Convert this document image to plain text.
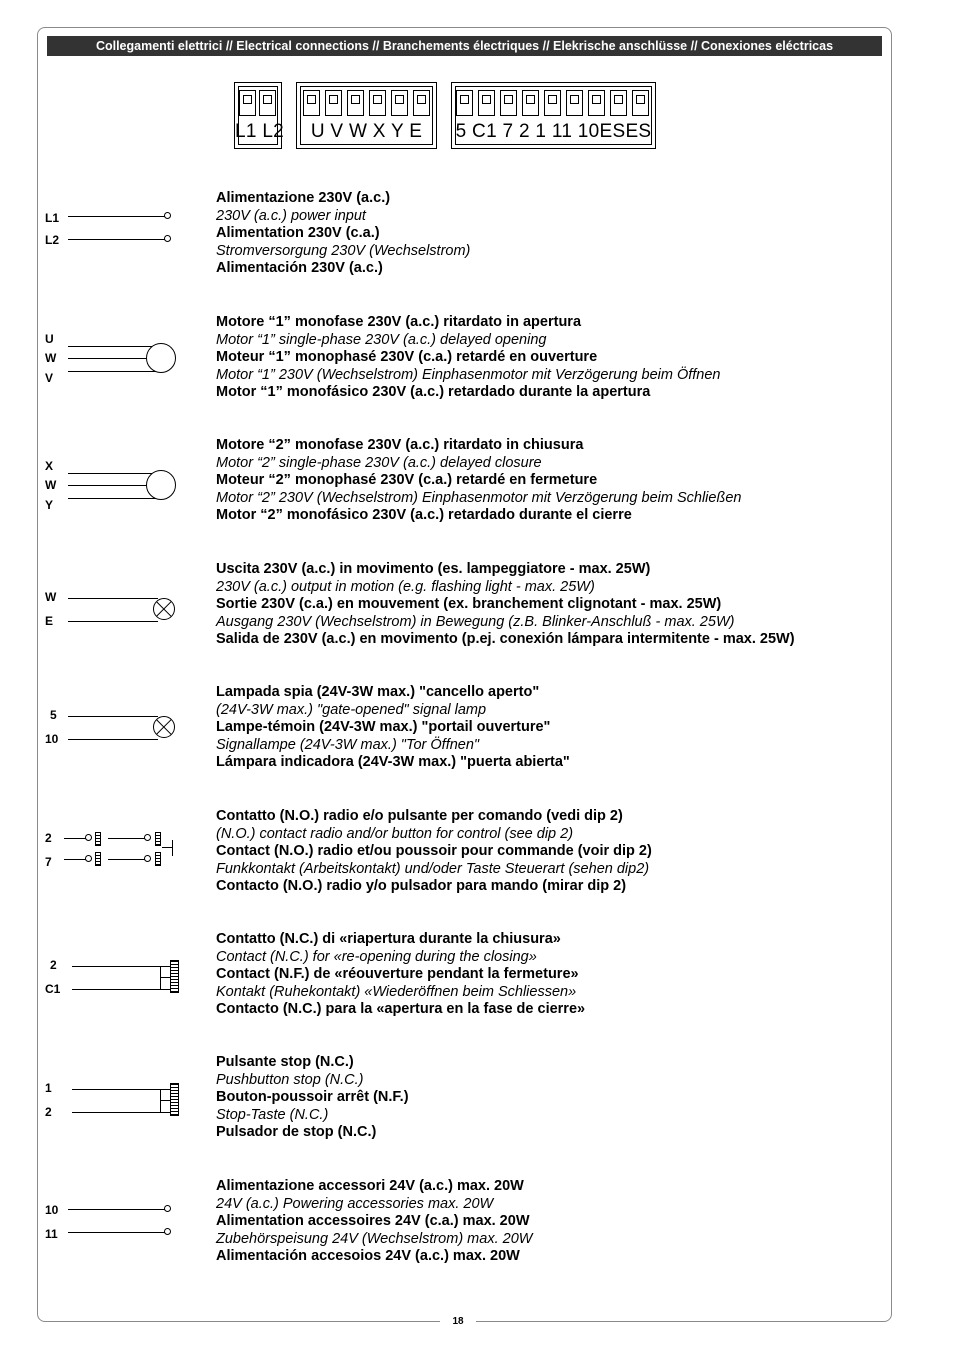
18
Collegamenti elettrici // Electrical connections // Branchements électriques // Elekrische anschlüsse // Conexiones eléctricas
L1 L2	U V W X Y E	5 C1 7 2 1 11 10ESES
L1
L2
Alimentazione 230V (a.c.)
230V (a.c.) power input
Alimentation 230V (c.a.)
Stromversorgung 230V (Wechselstrom)
Alimentación 230V (a.c.)
U
W
V
Motore “1” monofase 230V (a.c.) ritardato in apertura
Motor “1” single-phase 230V (a.c.) delayed opening
Moteur “1” monophasé 230V (c.a.) retardé en ouverture
Motor “1” 230V (Wechselstrom) Einphasenmotor mit Verzögerung beim Öffnen
Motor “1” monofásico 230V (a.c.) retardado durante la apertura
X
W
Y
Motore “2” monofase 230V (a.c.) ritardato in chiusura
Motor “2” single-phase 230V (a.c.) delayed closure
Moteur “2” monophasé 230V (c.a.) retardé en fermeture
Motor “2” 230V (Wechselstrom) Einphasenmotor mit Verzögerung beim Schließen
Motor “2” monofásico 230V (a.c.) retardado durante el cierre
W
E
Uscita 230V (a.c.) in movimento (es. lampeggiatore - max. 25W)
230V (a.c.) output in motion (e.g. flashing light - max. 25W)
Sortie 230V (c.a.) en mouvement (ex. branchement clignotant - max. 25W)
Ausgang 230V (Wechselstrom) in Bewegung (z.B. Blinker-Anschluß - max. 25W)
Salida de 230V (a.c.) en movimento (p.ej. conexión lámpara intermitente - max. 25W)
5
10
Lampada spia (24V-3W max.) "cancello aperto"
(24V-3W max.) "gate-opened" signal lamp
Lampe-témoin (24V-3W max.) "portail ouverture"
Signallampe (24V-3W max.) "Tor Öffnen"
Lámpara indicadora (24V-3W max.) "puerta abierta"
2
7
Contatto (N.O.) radio e/o pulsante per comando (vedi dip 2)
(N.O.) contact radio and/or button for control (see dip 2)
Contact (N.O.) radio et/ou poussoir pour commande (voir dip 2)
Funkkontakt (Arbeitskontakt) und/oder Taste Steuerart (sehen dip2)
Contacto (N.O.) radio y/o pulsador para mando (mirar dip 2)
2
C1
Contatto (N.C.) di «riapertura durante la chiusura»
Contact (N.C.) for «re-opening during the closing»
Contact (N.F.) de «réouverture pendant la fermeture»
Kontakt (Ruhekontakt) «Wiederöffnen beim Schliessen»
Contacto (N.C.) para la «apertura en la fase de cierre»
1
2
Pulsante stop (N.C.)
Pushbutton stop (N.C.)
Bouton-poussoir arrêt (N.F.)
Stop-Taste (N.C.)
Pulsador de stop (N.C.)
10
11
Alimentazione accessori 24V (a.c.) max. 20W
24V (a.c.) Powering accessories max. 20W
Alimentation accessoires 24V (c.a.) max. 20W
Zubehörspeisung 24V (Wechselstrom) max. 20W
Alimentación accesoios 24V (a.c.) max. 20W
